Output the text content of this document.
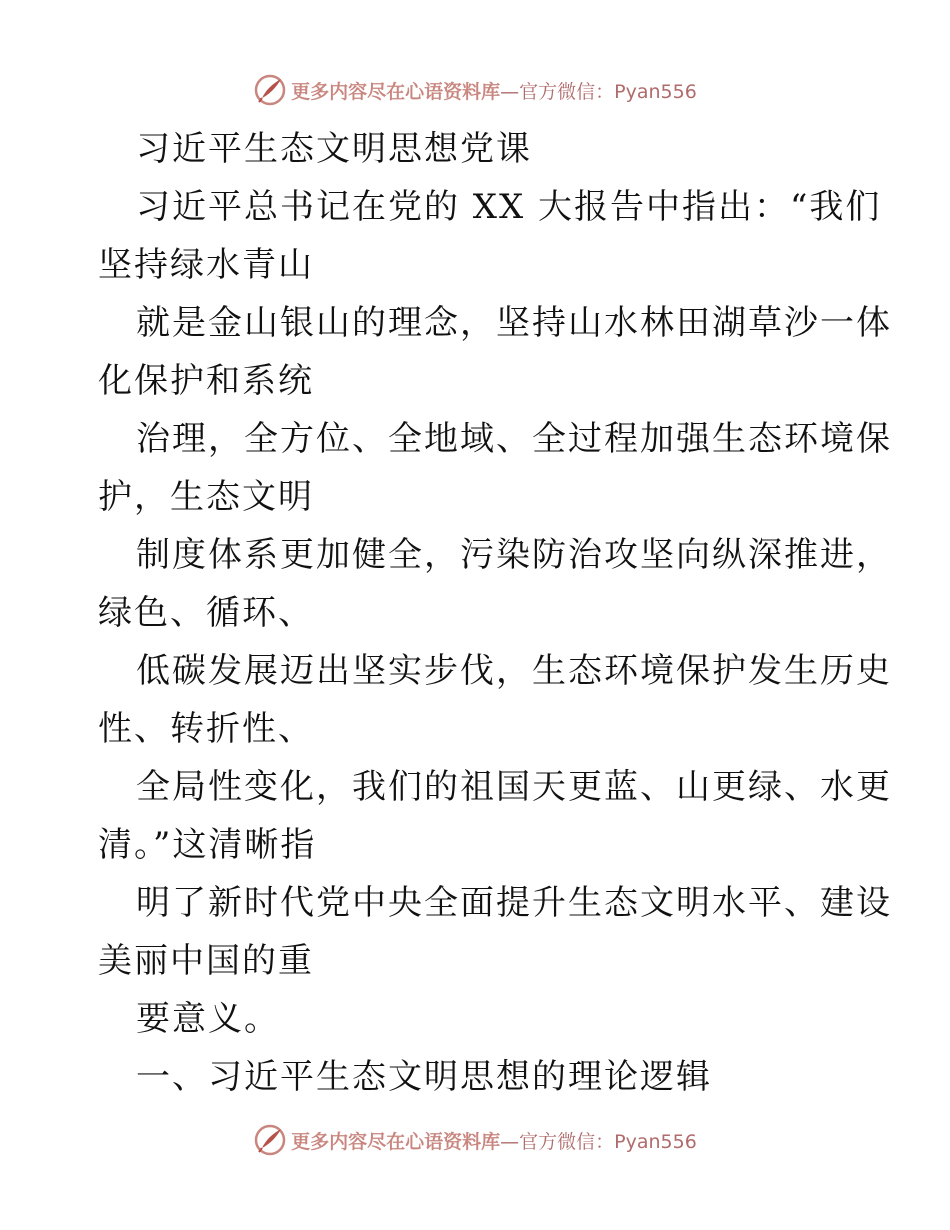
更多内容尽在心语资料库—官方微信：Pyan556
习近平生态文明思想党课
习近平总书记在党的 XX 大报告中指出：“我们
坚持绿水青山
就是金山银山的理念，坚持山水林田湖草沙一体
化保护和系统
治理，全方位、全地域、全过程加强生态环境保
护，生态文明
制度体系更加健全，污染防治攻坚向纵深推进，
绿色、循环、
低碳发展迈出坚实步伐，生态环境保护发生历史
性、转折性、
全局性变化，我们的祖国天更蓝、山更绿、水更
清。”这清晰指
明了新时代党中央全面提升生态文明水平、建设
美丽中国的重
要意义。
一、习近平生态文明思想的理论逻辑
更多内容尽在心语资料库—官方微信：Pyan556
